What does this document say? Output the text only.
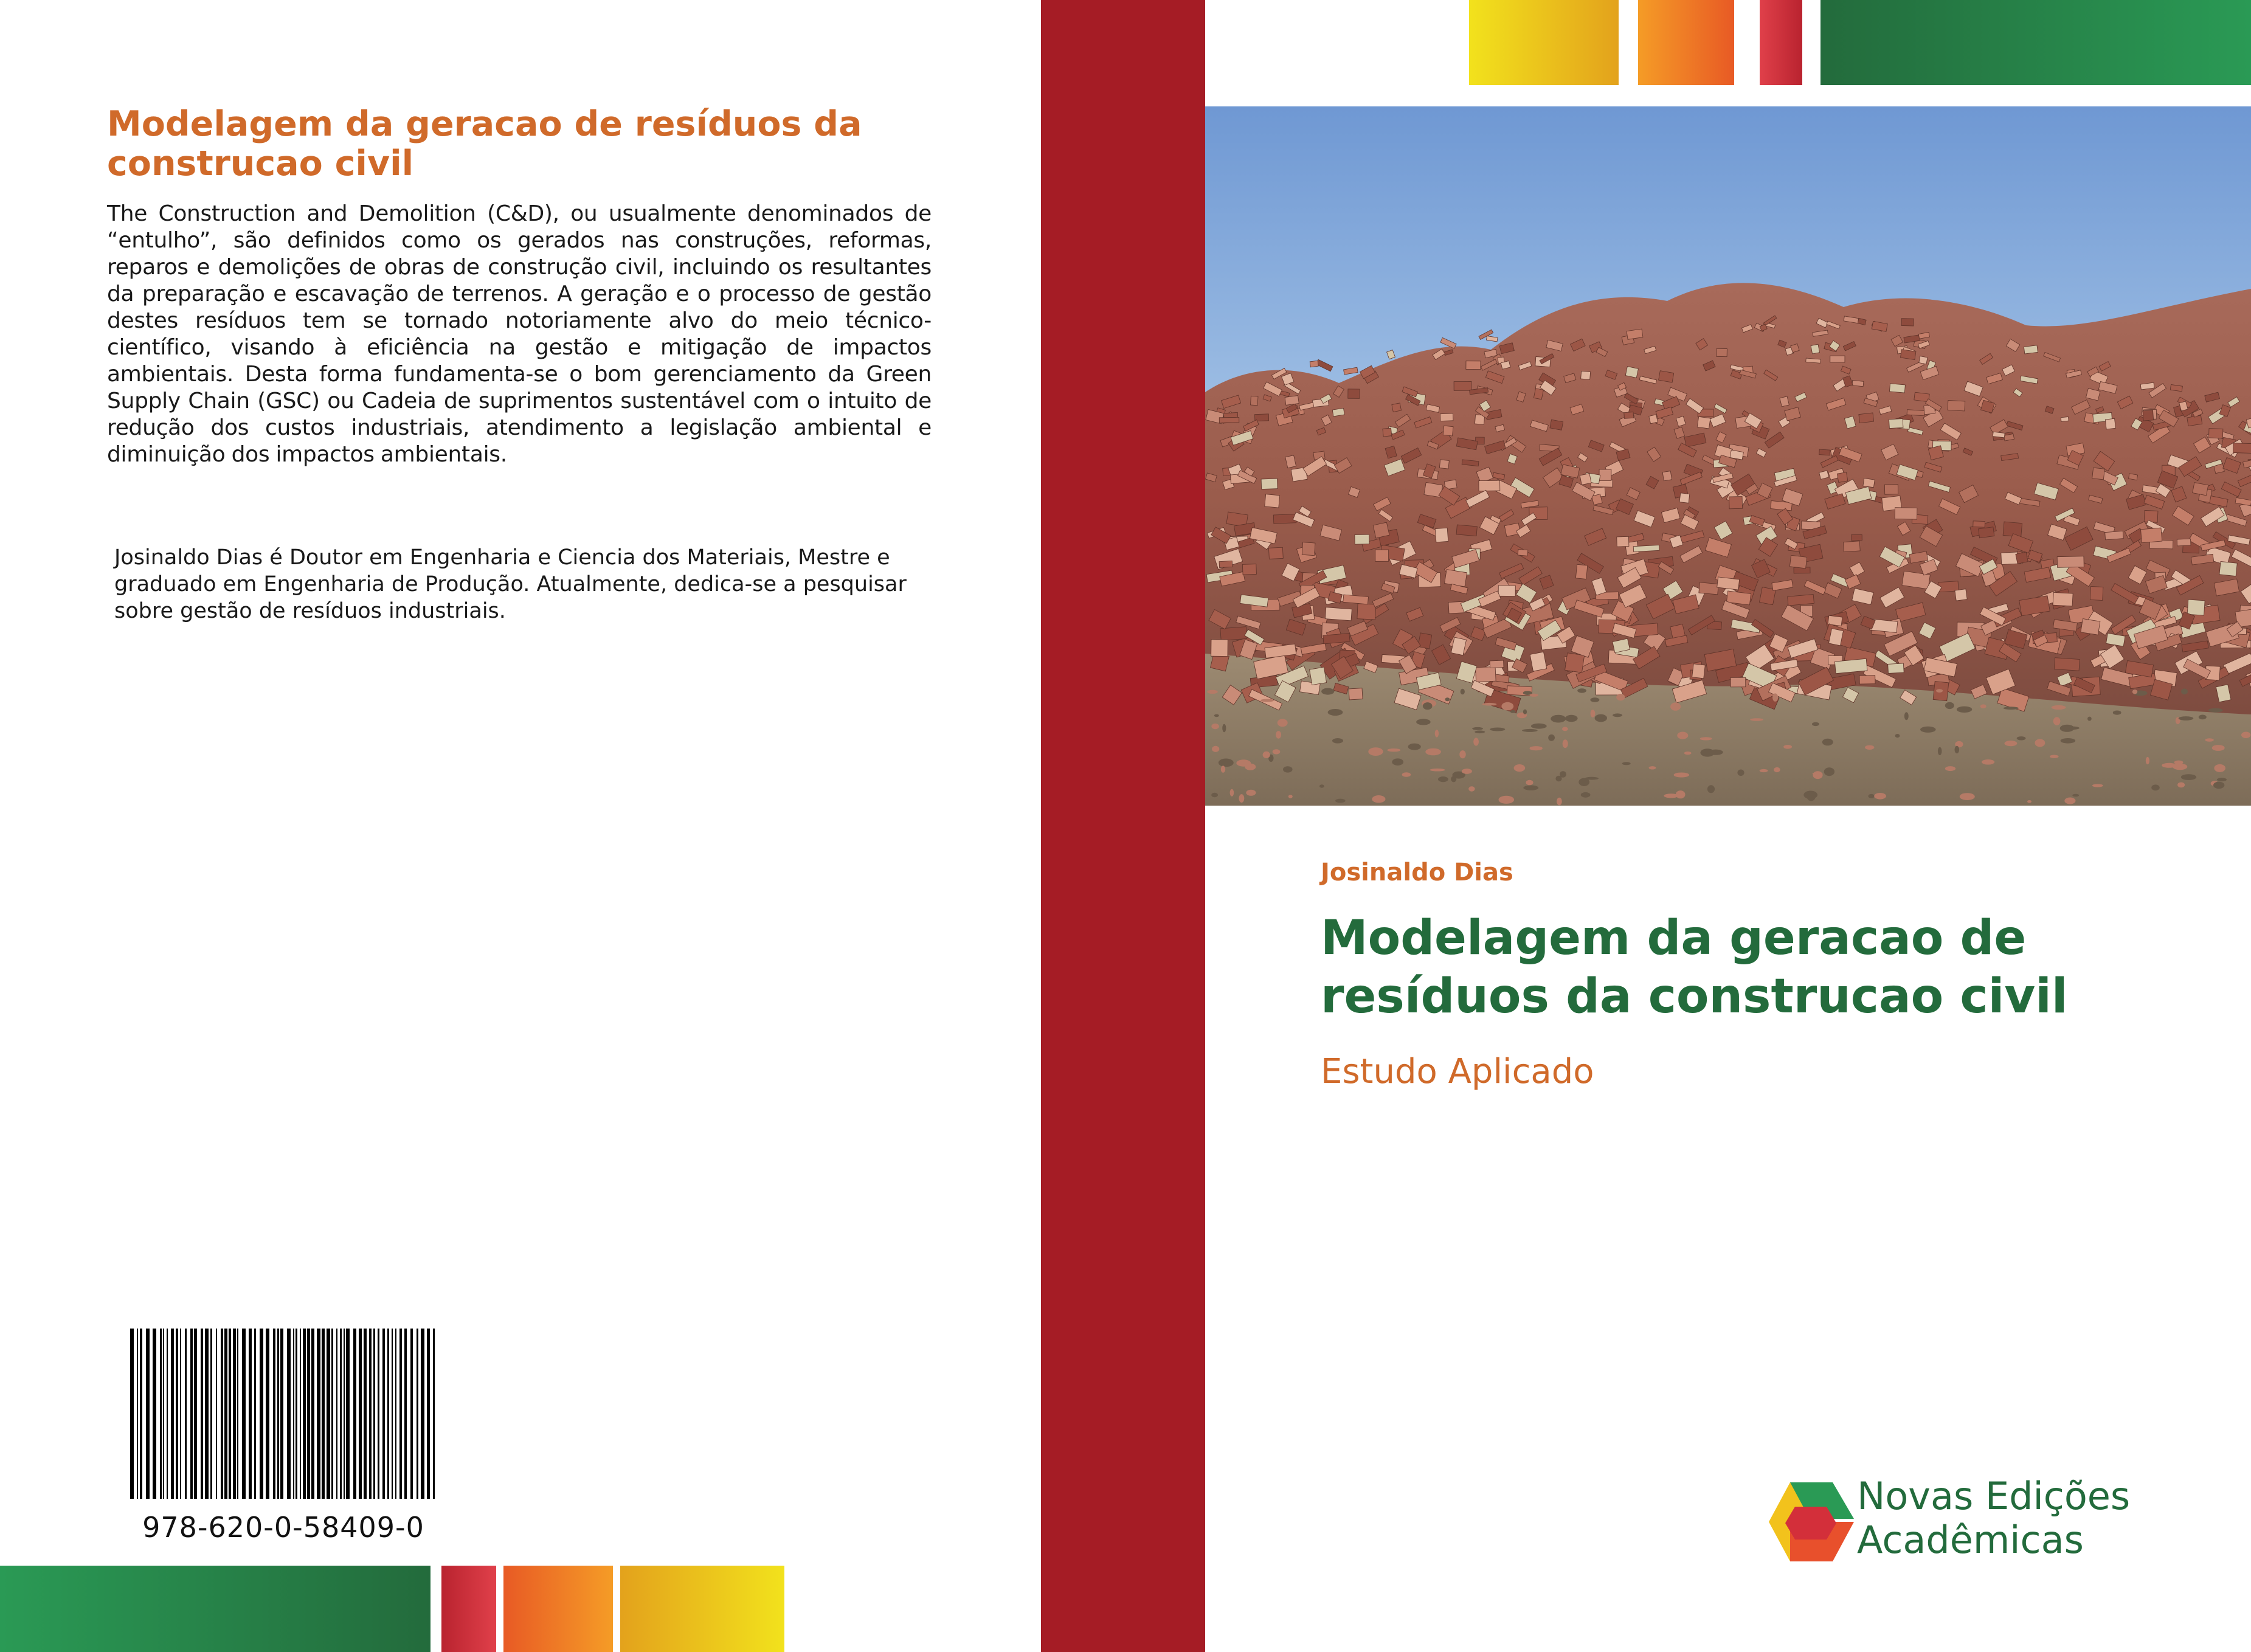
Modelagem da geracao de resíduos da construcao civil

The Construction and Demolition (C&D), ou usualmente denominados de “entulho”, são definidos como os gerados nas construções, reformas, reparos e demolições de obras de construção civil, incluindo os resultantes da preparação e escavação de terrenos. A geração e o processo de gestão destes resíduos tem se tornado notoriamente alvo do meio técnico-científico, visando à eficiência na gestão e mitigação de impactos ambientais. Desta forma fundamenta-se o bom gerenciamento da Green Supply Chain (GSC) ou Cadeia de suprimentos sustentável com o intuito de redução dos custos industriais, atendimento a legislação ambiental e diminuição dos impactos ambientais.

Josinaldo Dias é Doutor em Engenharia e Ciencia dos Materiais, Mestre e graduado em Engenharia de Produção. Atualmente, dedica-se a pesquisar sobre gestão de resíduos industriais.

978-620-0-58409-0
Josinaldo Dias
Modelagem da geracao de resíduos da construcao civil
Estudo Aplicado
Novas Edições
Acadêmicas
